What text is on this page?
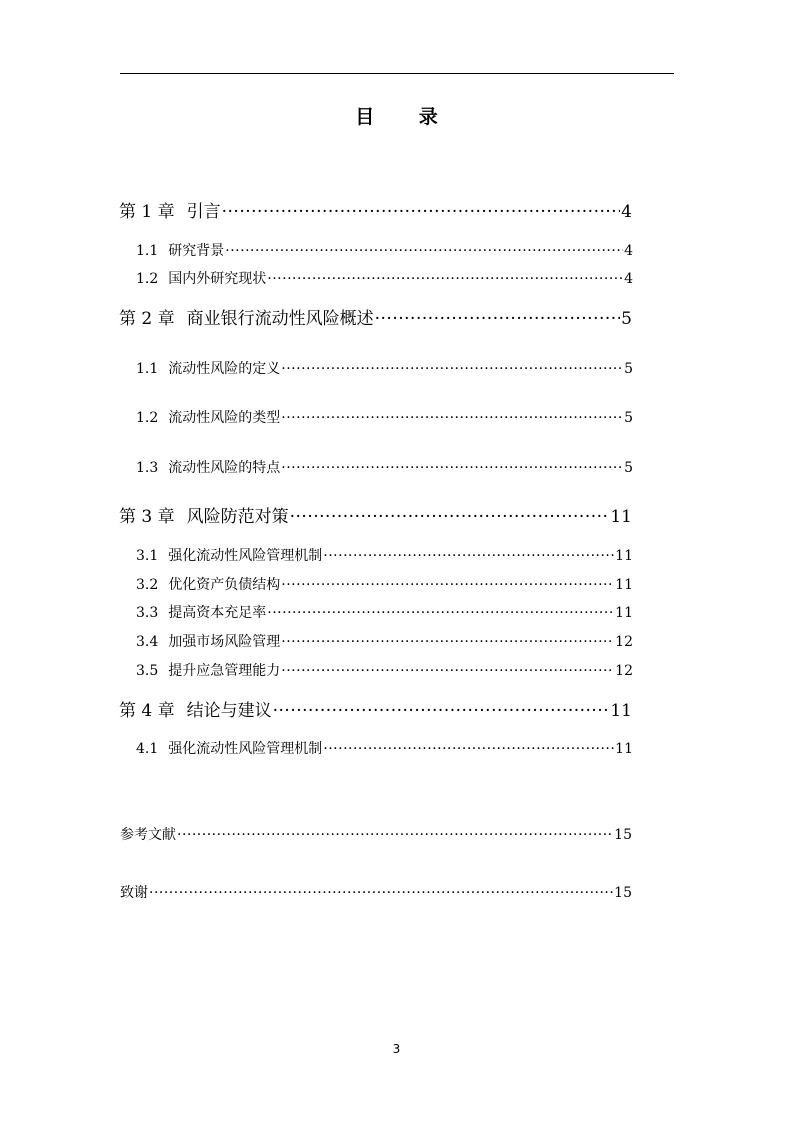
目 录
第 1 章 引言 ·····	4
1.1 研究背景 ·····	4
1.2 国内外研究现状 ·····	4
第 2 章 商业银行流动性风险概述 ·····	5
1.1 流动性风险的定义 ·····	5
1.2 流动性风险的类型 ·····	5
1.3 流动性风险的特点 ·····	5
第 3 章 风险防范对策 ·····	11
3.1 强化流动性风险管理机制 ·····	11
3.2 优化资产负债结构 ·····	11
3.3 提高资本充足率 ·····	11
3.4 加强市场风险管理 ·····	12
3.5 提升应急管理能力 ·····	12
第 4 章 结论与建议 ·····	11
4.1 强化流动性风险管理机制 ·····	11
参考文献 ·····	15
致谢 ·····	15
3
